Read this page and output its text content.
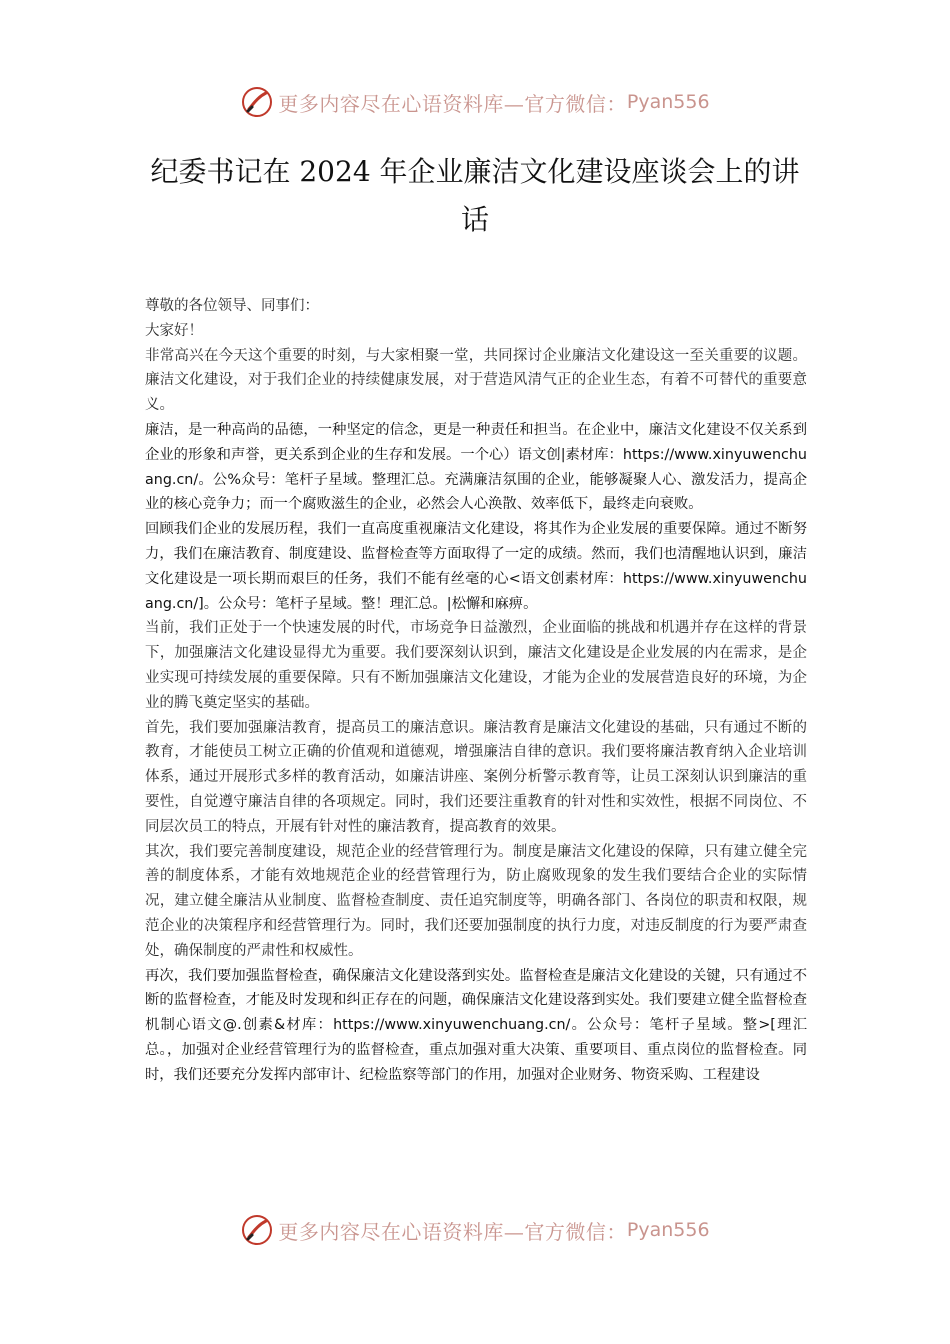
更多内容尽在心语资料库—官方微信： Pyan556
纪委书记在 2024 年企业廉洁文化建设座谈会上的讲话

尊敬的各位领导、同事们：

大家好！

非常高兴在今天这个重要的时刻，与大家相聚一堂，共同探讨企业廉洁文化建设这一至关重要的议题。廉洁文化建设，对于我们企业的持续健康发展，对于营造风清气正的企业生态，有着不可替代的重要意义。

廉洁，是一种高尚的品德，一种坚定的信念，更是一种责任和担当。在企业中，廉洁文化建设不仅关系到企业的形象和声誉，更关系到企业的生存和发展。一个心）语文创|素材库：https://www.xinyuwenchuang.cn/。公%众号：笔杆子星域。整理汇总。充满廉洁氛围的企业，能够凝聚人心、激发活力，提高企业的核心竞争力；而一个腐败滋生的企业，必然会人心涣散、效率低下，最终走向衰败。

回顾我们企业的发展历程，我们一直高度重视廉洁文化建设，将其作为企业发展的重要保障。通过不断努力，我们在廉洁教育、制度建设、监督检查等方面取得了一定的成绩。然而，我们也清醒地认识到，廉洁文化建设是一项长期而艰巨的任务，我们不能有丝毫的心<语文创素材库：https://www.xinyuwenchuang.cn/]。公众号：笔杆子星域。整！理汇总。|松懈和麻痹。

当前，我们正处于一个快速发展的时代，市场竞争日益激烈，企业面临的挑战和机遇并存在这样的背景下，加强廉洁文化建设显得尤为重要。我们要深刻认识到，廉洁文化建设是企业发展的内在需求，是企业实现可持续发展的重要保障。只有不断加强廉洁文化建设，才能为企业的发展营造良好的环境，为企业的腾飞奠定坚实的基础。

首先，我们要加强廉洁教育，提高员工的廉洁意识。廉洁教育是廉洁文化建设的基础，只有通过不断的教育，才能使员工树立正确的价值观和道德观，增强廉洁自律的意识。我们要将廉洁教育纳入企业培训体系，通过开展形式多样的教育活动，如廉洁讲座、案例分析警示教育等，让员工深刻认识到廉洁的重要性，自觉遵守廉洁自律的各项规定。同时，我们还要注重教育的针对性和实效性，根据不同岗位、不同层次员工的特点，开展有针对性的廉洁教育，提高教育的效果。

其次，我们要完善制度建设，规范企业的经营管理行为。制度是廉洁文化建设的保障，只有建立健全完善的制度体系，才能有效地规范企业的经营管理行为，防止腐败现象的发生我们要结合企业的实际情况，建立健全廉洁从业制度、监督检查制度、责任追究制度等，明确各部门、各岗位的职责和权限，规范企业的决策程序和经营管理行为。同时，我们还要加强制度的执行力度，对违反制度的行为要严肃查处，确保制度的严肃性和权威性。

再次，我们要加强监督检查，确保廉洁文化建设落到实处。监督检查是廉洁文化建设的关键，只有通过不断的监督检查，才能及时发现和纠正存在的问题，确保廉洁文化建设落到实处。我们要建立健全监督检查机制心语文@.创素&材库：https://www.xinyuwenchuang.cn/。公众号：笔杆子星域。整>[理汇总。，加强对企业经营管理行为的监督检查，重点加强对重大决策、重要项目、重点岗位的监督检查。同时，我们还要充分发挥内部审计、纪检监察等部门的作用，加强对企业财务、物资采购、工程建设

更多内容尽在心语资料库—官方微信： Pyan556
